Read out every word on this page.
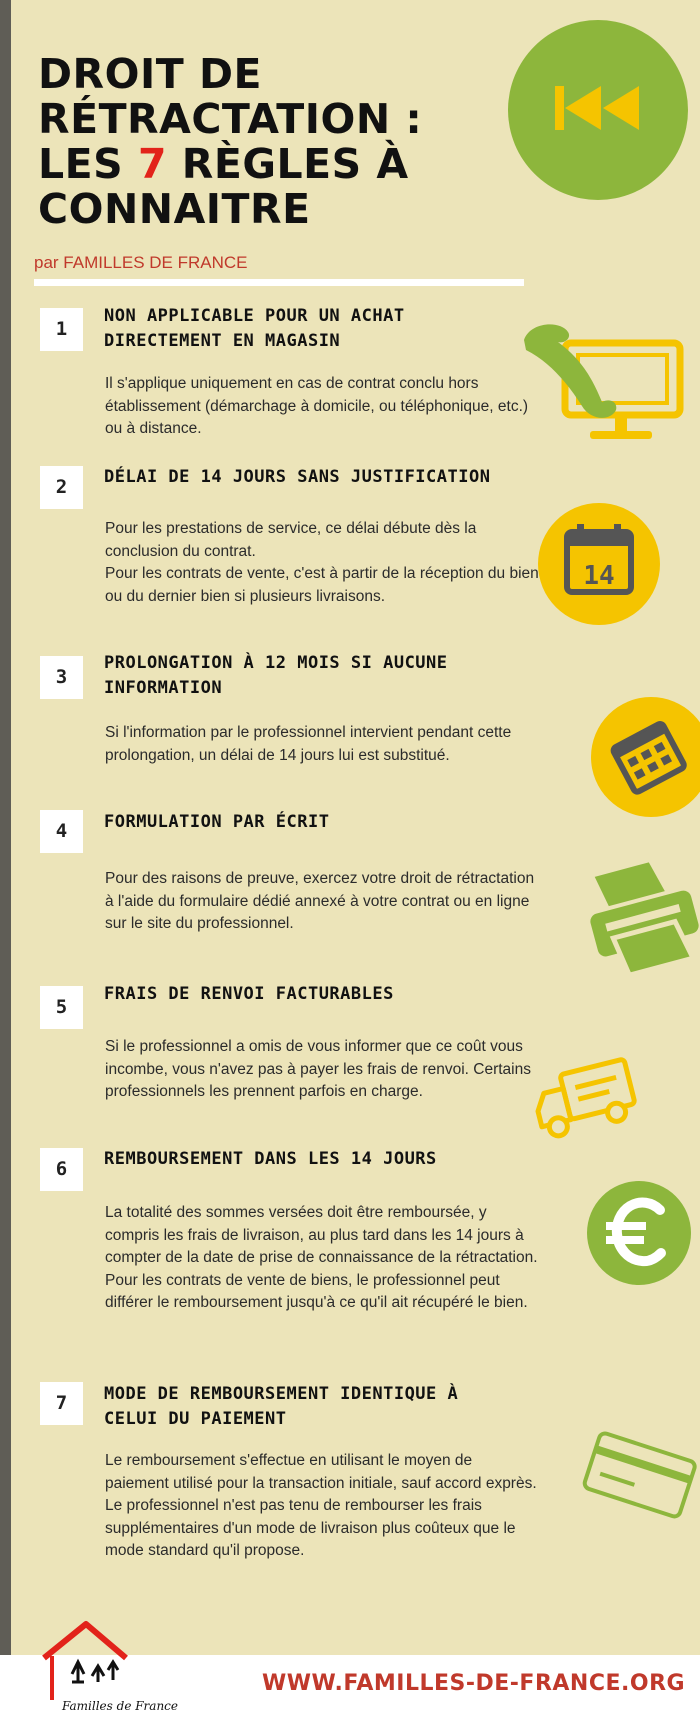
DROIT DE RÉTRACTATION : LES 7 RÈGLES À CONNAITRE
par FAMILLES DE FRANCE
1
NON APPLICABLE POUR UN ACHAT DIRECTEMENT EN MAGASIN
Il s'applique uniquement en cas de contrat conclu hors établissement (démarchage à domicile, ou téléphonique, etc.) ou à distance.
2	DÉLAI DE 14 JOURS SANS JUSTIFICATION
Pour les prestations de service, ce délai débute dès la conclusion du contrat.
Pour les contrats de vente, c'est à partir de la réception du bien ou du dernier bien si plusieurs livraisons.
14
3
PROLONGATION À 12 MOIS SI AUCUNE INFORMATION
Si l'information par le professionnel intervient pendant cette prolongation, un délai de 14 jours lui est substitué.
4	FORMULATION PAR ÉCRIT
Pour des raisons de preuve, exercez votre droit de rétractation à l'aide du formulaire dédié annexé à votre contrat ou en ligne sur le site du professionnel.
5
FRAIS DE RENVOI FACTURABLES
Si le professionnel a omis de vous informer que ce coût vous incombe, vous n'avez pas à payer les frais de renvoi. Certains professionnels les prennent parfois en charge.
6	REMBOURSEMENT DANS LES 14 JOURS
La totalité des sommes versées doit être remboursée, y compris les frais de livraison, au plus tard dans les 14 jours à compter de la date de prise de connaissance de la rétractation. Pour les contrats de vente de biens, le professionnel peut différer le remboursement jusqu'à ce qu'il ait récupéré le bien.
7	MODE DE REMBOURSEMENT IDENTIQUE À CELUI DU PAIEMENT
Le remboursement s'effectue en utilisant le moyen de paiement utilisé pour la transaction initiale, sauf accord exprès. Le professionnel n'est pas tenu de rembourser les frais supplémentaires d'un mode de livraison plus coûteux que le mode standard qu'il propose.
Familles de France
WWW.FAMILLES-DE-FRANCE.ORG
